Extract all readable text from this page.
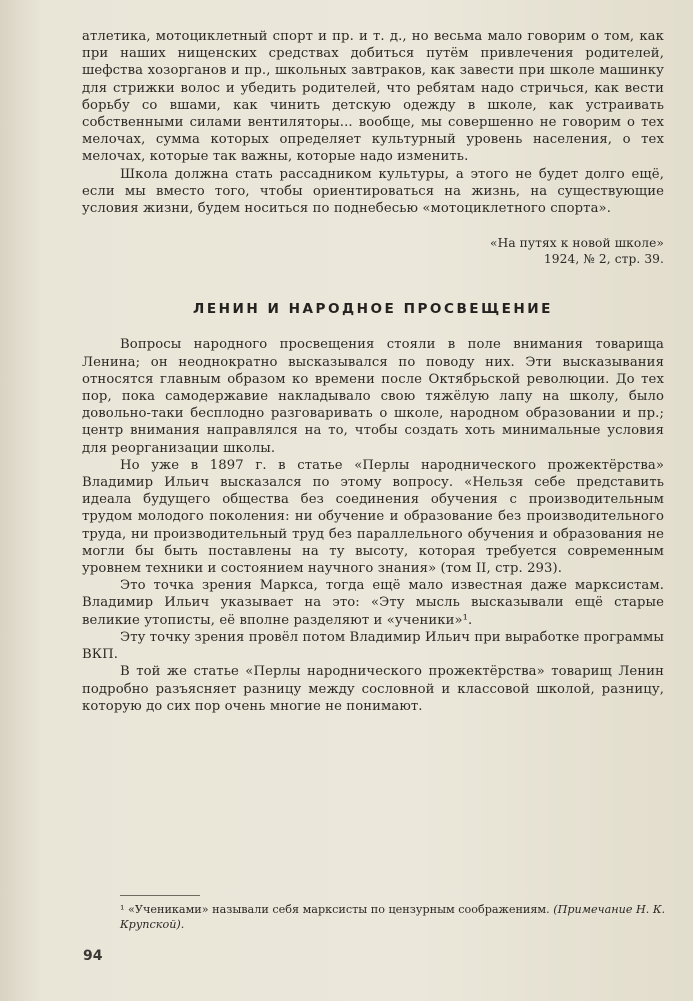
атлетика, мотоциклетный спорт и пр. и т. д., но весьма мало говорим о том, как при наших нищенских средствах добиться путём привлечения родителей, шефства хозорганов и пр., школьных завтраков, как завести при школе машинку для стрижки волос и убедить родителей, что ребятам надо стричься, как вести борьбу со вшами, как чинить детскую одежду в школе, как устраивать собственными силами вентиляторы... вообще, мы совершенно не говорим о тех мелочах, сумма которых определяет культурный уровень населения, о тех мелочах, которые так важны, которые надо изменить.

Школа должна стать рассадником культуры, а этого не будет долго ещё, если мы вместо того, чтобы ориентироваться на жизнь, на существующие условия жизни, будем носиться по поднебесью «мотоциклетного спорта».

«На путях к новой школе»
1924, № 2, стр. 39.
ЛЕНИН И НАРОДНОЕ ПРОСВЕЩЕНИЕ

Вопросы народного просвещения стояли в поле внимания товарища Ленина; он неоднократно высказывался по поводу них. Эти высказывания относятся главным образом ко времени после Октябрьской революции. До тех пор, пока самодержавие накладывало свою тяжёлую лапу на школу, было довольно-таки бесплодно разговаривать о школе, народном образовании и пр.; центр внимания направлялся на то, чтобы создать хоть минимальные условия для реорганизации школы.

Но уже в 1897 г. в статье «Перлы народнического прожектёрства» Владимир Ильич высказался по этому вопросу. «Нельзя себе представить идеала будущего общества без соединения обучения с производительным трудом молодого поколения: ни обучение и образование без производительного труда, ни производительный труд без параллельного обучения и образования не могли бы быть поставлены на ту высоту, которая требуется современным уровнем техники и состоянием научного знания» (том II, стр. 293).

Это точка зрения Маркса, тогда ещё мало известная даже марксистам. Владимир Ильич указывает на это: «Эту мысль высказывали ещё старые великие утописты, её вполне разделяют и «ученики»¹.

Эту точку зрения провёл потом Владимир Ильич при выработке программы ВКП.

В той же статье «Перлы народнического прожектёрства» товарищ Ленин подробно разъясняет разницу между сословной и классовой школой, разницу, которую до сих пор очень многие не понимают.

¹ «Учениками» называли себя марксисты по цензурным соображениям. (Примечание Н. К. Крупской).
94
